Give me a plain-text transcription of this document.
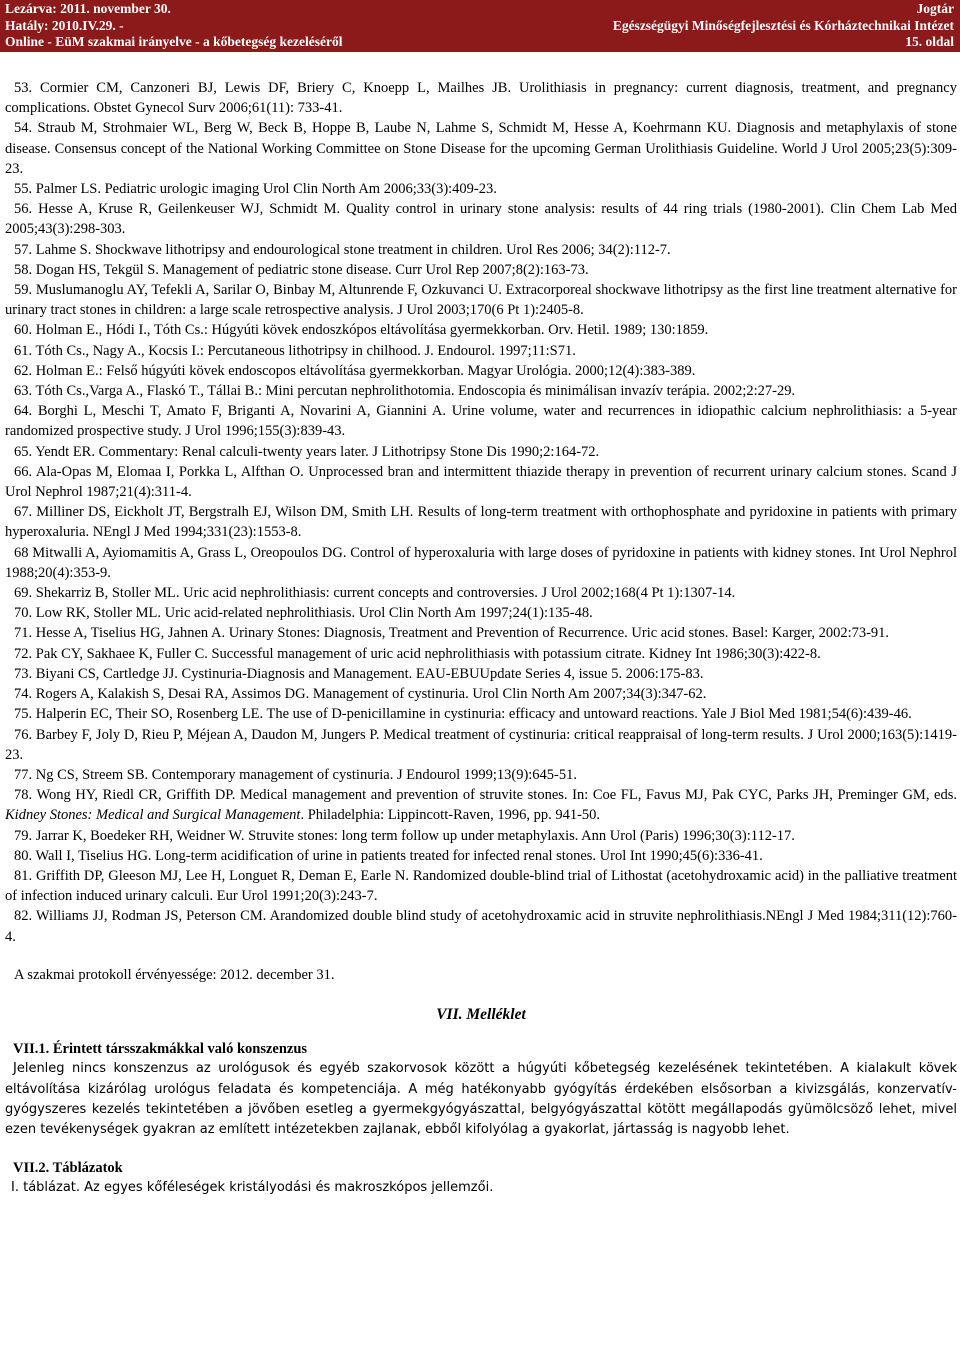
Lezárva: 2011. november 30.
Hatály: 2010.IV.29. -
Online - EüM szakmai irányelve - a kőbetegség kezeléséről
Jogtár
Egészségügyi Minőségfejlesztési és Kórháztechnikai Intézet
15. oldal

53. Cormier CM, Canzoneri BJ, Lewis DF, Briery C, Knoepp L, Mailhes JB. Urolithiasis in pregnancy: current diagnosis, treatment, and pregnancy complications. Obstet Gynecol Surv 2006;61(11): 733-41.

54. Straub M, Strohmaier WL, Berg W, Beck B, Hoppe B, Laube N, Lahme S, Schmidt M, Hesse A, Koehrmann KU. Diagnosis and metaphylaxis of stone disease. Consensus concept of the National Working Committee on Stone Disease for the upcoming German Urolithiasis Guideline. World J Urol 2005;23(5):309-23.

55. Palmer LS. Pediatric urologic imaging Urol Clin North Am 2006;33(3):409-23.

56. Hesse A, Kruse R, Geilenkeuser WJ, Schmidt M. Quality control in urinary stone analysis: results of 44 ring trials (1980-2001). Clin Chem Lab Med 2005;43(3):298-303.

57. Lahme S. Shockwave lithotripsy and endourological stone treatment in children. Urol Res 2006; 34(2):112-7.

58. Dogan HS, Tekgül S. Management of pediatric stone disease. Curr Urol Rep 2007;8(2):163-73.

59. Muslumanoglu AY, Tefekli A, Sarilar O, Binbay M, Altunrende F, Ozkuvanci U. Extracorporeal shockwave lithotripsy as the first line treatment alternative for urinary tract stones in children: a large scale retrospective analysis. J Urol 2003;170(6 Pt 1):2405-8.

60. Holman E., Hódi I., Tóth Cs.: Húgyúti kövek endoszkópos eltávolítása gyermekkorban. Orv. Hetil. 1989; 130:1859.

61. Tóth Cs., Nagy A., Kocsis I.: Percutaneous lithotripsy in chilhood. J. Endourol. 1997;11:S71.

62. Holman E.: Felső húgyúti kövek endoscopos eltávolítása gyermekkorban. Magyar Urológia. 2000;12(4):383-389.

63. Tóth Cs.,Varga A., Flaskó T., Tállai B.: Mini percutan nephrolithotomia. Endoscopia és minimálisan invazív terápia. 2002;2:27-29.

64. Borghi L, Meschi T, Amato F, Briganti A, Novarini A, Giannini A. Urine volume, water and recurrences in idiopathic calcium nephrolithiasis: a 5-year randomized prospective study. J Urol 1996;155(3):839-43.

65. Yendt ER. Commentary: Renal calculi-twenty years later. J Lithotripsy Stone Dis 1990;2:164-72.

66. Ala-Opas M, Elomaa I, Porkka L, Alfthan O. Unprocessed bran and intermittent thiazide therapy in prevention of recurrent urinary calcium stones. Scand J Urol Nephrol 1987;21(4):311-4.

67. Milliner DS, Eickholt JT, Bergstralh EJ, Wilson DM, Smith LH. Results of long-term treatment with orthophosphate and pyridoxine in patients with primary hyperoxaluria. NEngl J Med 1994;331(23):1553-8.

68 Mitwalli A, Ayiomamitis A, Grass L, Oreopoulos DG. Control of hyperoxaluria with large doses of pyridoxine in patients with kidney stones. Int Urol Nephrol 1988;20(4):353-9.

69. Shekarriz B, Stoller ML. Uric acid nephrolithiasis: current concepts and controversies. J Urol 2002;168(4 Pt 1):1307-14.

70. Low RK, Stoller ML. Uric acid-related nephrolithiasis. Urol Clin North Am 1997;24(1):135-48.

71. Hesse A, Tiselius HG, Jahnen A. Urinary Stones: Diagnosis, Treatment and Prevention of Recurrence. Uric acid stones. Basel: Karger, 2002:73-91.

72. Pak CY, Sakhaee K, Fuller C. Successful management of uric acid nephrolithiasis with potassium citrate. Kidney Int 1986;30(3):422-8.

73. Biyani CS, Cartledge JJ. Cystinuria-Diagnosis and Management. EAU-EBUUpdate Series 4, issue 5. 2006:175-83.

74. Rogers A, Kalakish S, Desai RA, Assimos DG. Management of cystinuria. Urol Clin North Am 2007;34(3):347-62.

75. Halperin EC, Their SO, Rosenberg LE. The use of D-penicillamine in cystinuria: efficacy and untoward reactions. Yale J Biol Med 1981;54(6):439-46.

76. Barbey F, Joly D, Rieu P, Méjean A, Daudon M, Jungers P. Medical treatment of cystinuria: critical reappraisal of long-term results. J Urol 2000;163(5):1419-23.

77. Ng CS, Streem SB. Contemporary management of cystinuria. J Endourol 1999;13(9):645-51.

78. Wong HY, Riedl CR, Griffith DP. Medical management and prevention of struvite stones. In: Coe FL, Favus MJ, Pak CYC, Parks JH, Preminger GM, eds. Kidney Stones: Medical and Surgical Management. Philadelphia: Lippincott-Raven, 1996, pp. 941-50.

79. Jarrar K, Boedeker RH, Weidner W. Struvite stones: long term follow up under metaphylaxis. Ann Urol (Paris) 1996;30(3):112-17.

80. Wall I, Tiselius HG. Long-term acidification of urine in patients treated for infected renal stones. Urol Int 1990;45(6):336-41.

81. Griffith DP, Gleeson MJ, Lee H, Longuet R, Deman E, Earle N. Randomized double-blind trial of Lithostat (acetohydroxamic acid) in the palliative treatment of infection induced urinary calculi. Eur Urol 1991;20(3):243-7.

82. Williams JJ, Rodman JS, Peterson CM. Arandomized double blind study of acetohydroxamic acid in struvite nephrolithiasis.NEngl J Med 1984;311(12):760-4.

A szakmai protokoll érvényessége: 2012. december 31.
VII. Melléklet
VII.1. Érintett társszakmákkal való konszenzus

Jelenleg nincs konszenzus az urológusok és egyéb szakorvosok között a húgyúti kőbetegség kezelésének tekintetében. A kialakult kövek eltávolítása kizárólag urológus feladata és kompetenciája. A még hatékonyabb gyógyítás érdekében elsősorban a kivizsgálás, konzervatív-gyógyszeres kezelés tekintetében a jövőben esetleg a gyermekgyógyászattal, belgyógyászattal kötött megállapodás gyümölcsöző lehet, mivel ezen tevékenységek gyakran az említett intézetekben zajlanak, ebből kifolyólag a gyakorlat, jártasság is nagyobb lehet.

VII.2. Táblázatok
I. táblázat. Az egyes kőféleségek kristályodási és makroszkópos jellemzői.
